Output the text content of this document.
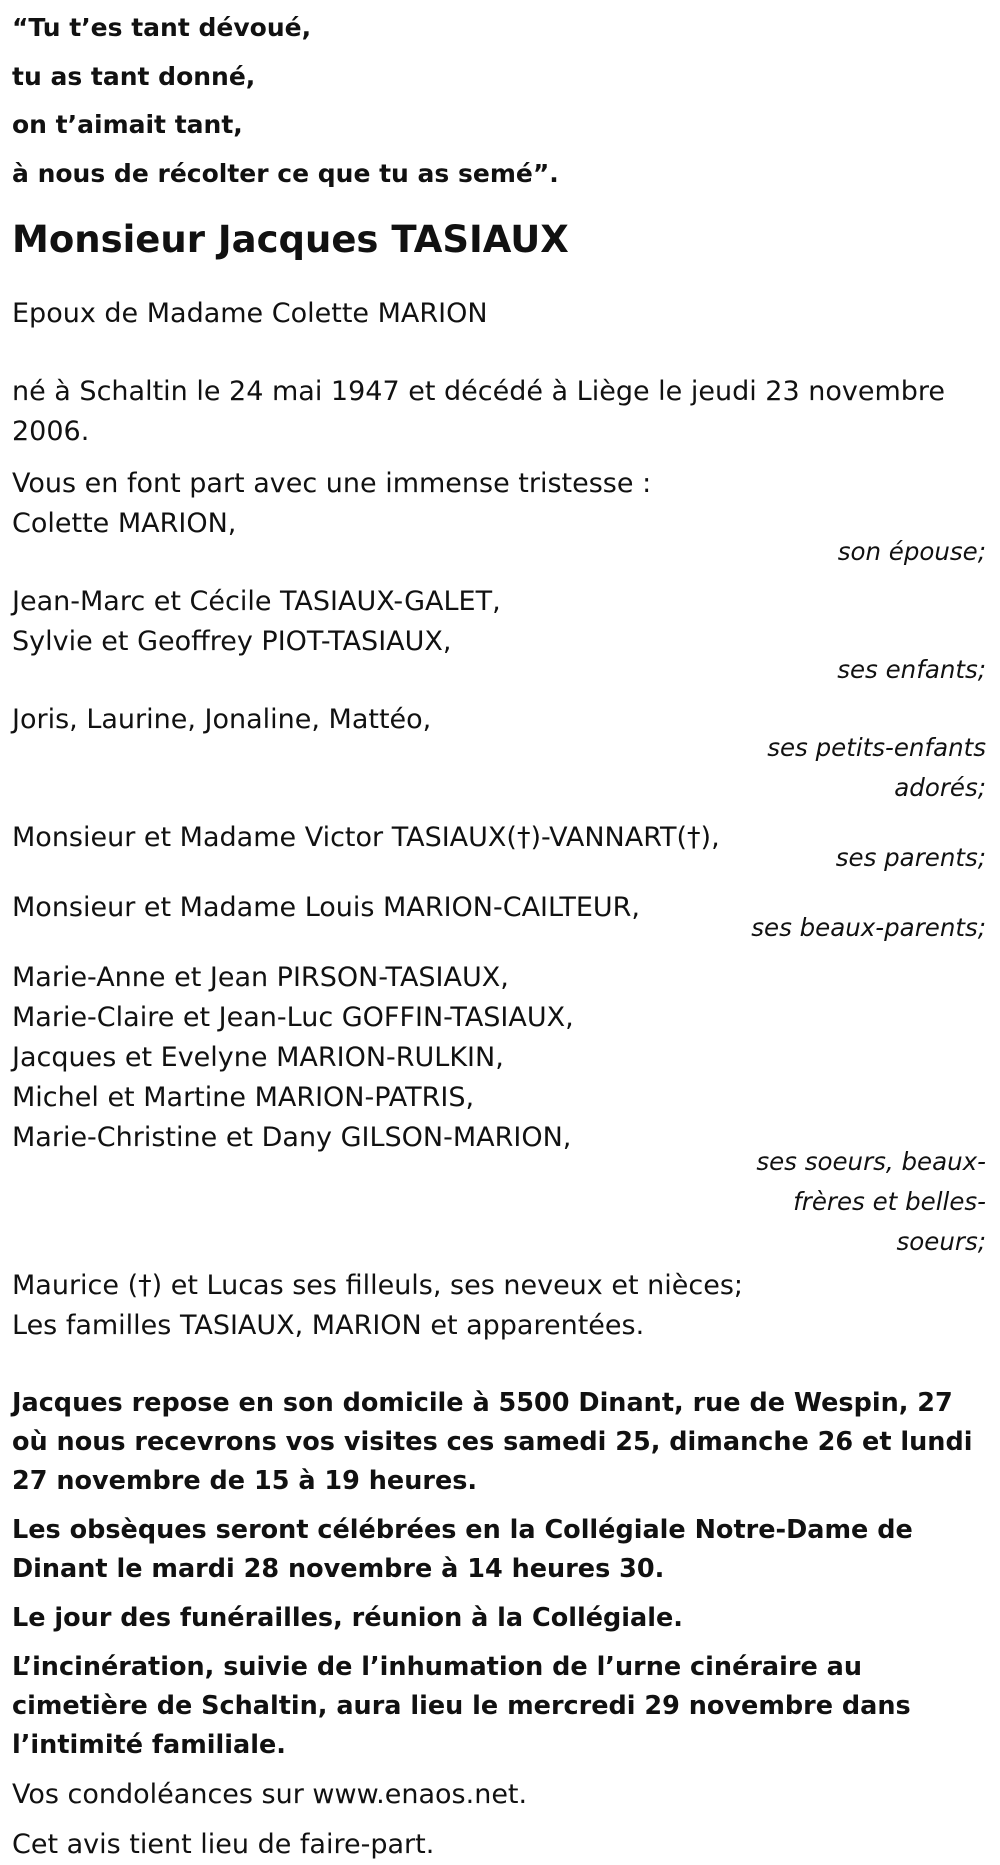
“Tu t’es tant dévoué,
tu as tant donné,
on t’aimait tant,
à nous de récolter ce que tu as semé”.
Monsieur Jacques TASIAUX
Epoux de Madame Colette MARION
né à Schaltin le 24 mai 1947 et décédé à Liège le jeudi 23 novembre 2006.
Vous en font part avec une immense tristesse :
Colette MARION,
son épouse;
Jean-Marc et Cécile TASIAUX-GALET,
Sylvie et Geoffrey PIOT-TASIAUX,
ses enfants;
Joris, Laurine, Jonaline, Mattéo,
ses petits-enfants adorés;
Monsieur et Madame Victor TASIAUX(†)-VANNART(†),
ses parents;
Monsieur et Madame Louis MARION-CAILTEUR,
ses beaux-parents;
Marie-Anne et Jean PIRSON-TASIAUX,
Marie-Claire et Jean-Luc GOFFIN-TASIAUX,
Jacques et Evelyne MARION-RULKIN,
Michel et Martine MARION-PATRIS,
Marie-Christine et Dany GILSON-MARION,
ses soeurs, beaux-frères et belles-soeurs;
Maurice (†) et Lucas ses filleuls, ses neveux et nièces;
Les familles TASIAUX, MARION et apparentées.
Jacques repose en son domicile à 5500 Dinant, rue de Wespin, 27 où nous recevrons vos visites ces samedi 25, dimanche 26 et lundi 27 novembre de 15 à 19 heures.
Les obsèques seront célébrées en la Collégiale Notre-Dame de Dinant le mardi 28 novembre à 14 heures 30.
Le jour des funérailles, réunion à la Collégiale.
L’incinération, suivie de l’inhumation de l’urne cinéraire au cimetière de Schaltin, aura lieu le mercredi 29 novembre dans l’intimité familiale.
Vos condoléances sur www.enaos.net.
Cet avis tient lieu de faire-part.
